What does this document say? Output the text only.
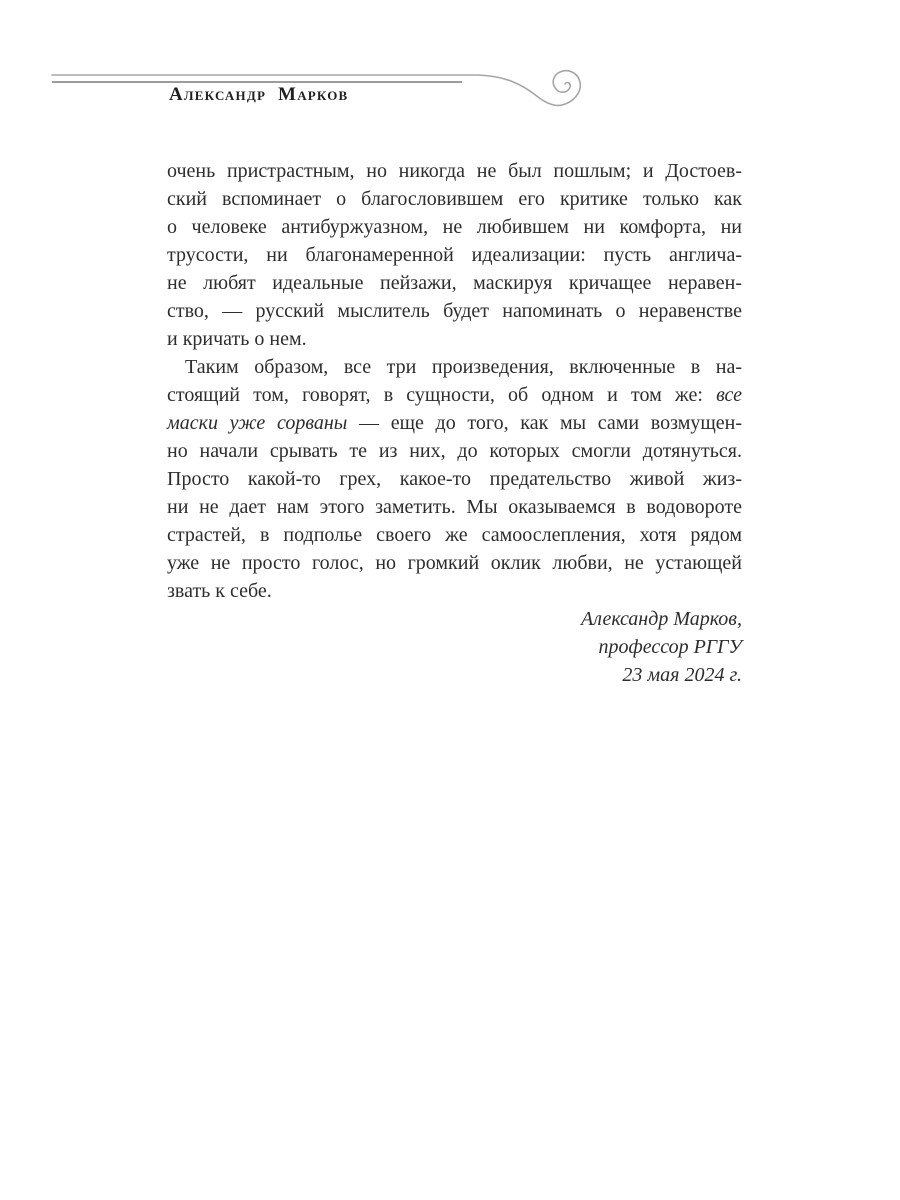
Александр Марков
очень пристрастным, но никогда не был пошлым; и Достоев-
ский вспоминает о благословившем его критике только как
о человеке антибуржуазном, не любившем ни комфорта, ни
трусости, ни благонамеренной идеализации: пусть англича-
не любят идеальные пейзажи, маскируя кричащее неравен-
ство, — русский мыслитель будет напоминать о неравенстве
и кричать о нем.
Таким образом, все три произведения, включенные в на-
стоящий том, говорят, в сущности, об одном и том же: все
маски уже сорваны — еще до того, как мы сами возмущен-
но начали срывать те из них, до которых смогли дотянуться.
Просто какой-то грех, какое-то предательство живой жиз-
ни не дает нам этого заметить. Мы оказываемся в водовороте
страстей, в подполье своего же самоослепления, хотя рядом
уже не просто голос, но громкий оклик любви, не устающей
звать к себе.
Александр Марков,
профессор РГГУ
23 мая 2024 г.
